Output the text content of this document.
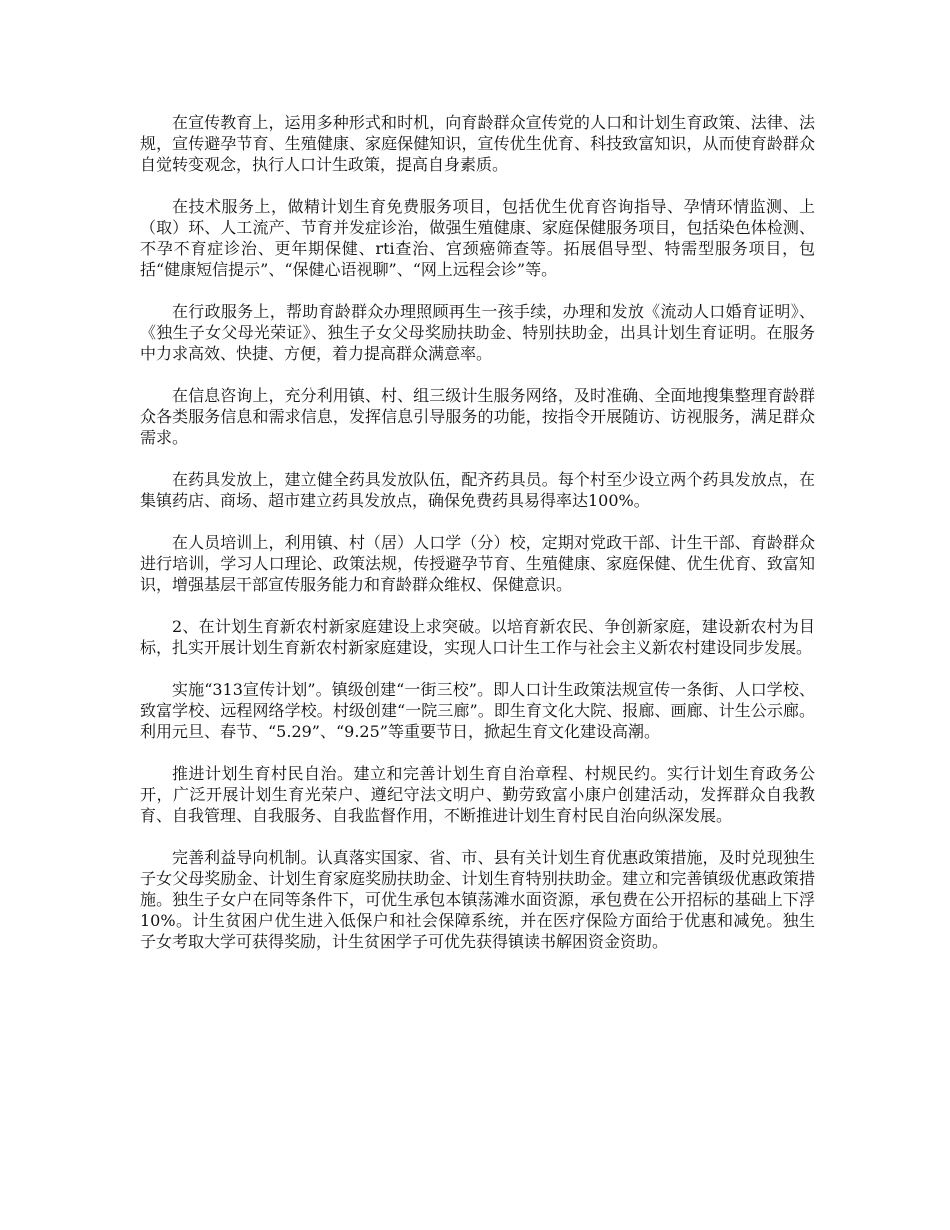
在宣传教育上，运用多种形式和时机，向育龄群众宣传党的人口和计划生育政策、法律、法规，宣传避孕节育、生殖健康、家庭保健知识，宣传优生优育、科技致富知识，从而使育龄群众自觉转变观念，执行人口计生政策，提高自身素质。

在技术服务上，做精计划生育免费服务项目，包括优生优育咨询指导、孕情环情监测、上（取）环、人工流产、节育并发症诊治，做强生殖健康、家庭保健服务项目，包括染色体检测、不孕不育症诊治、更年期保健、rti查治、宫颈癌筛查等。拓展倡导型、特需型服务项目，包括“健康短信提示”、“保健心语视聊”、“网上远程会诊”等。

在行政服务上，帮助育龄群众办理照顾再生一孩手续，办理和发放《流动人口婚育证明》、《独生子女父母光荣证》、独生子女父母奖励扶助金、特别扶助金，出具计划生育证明。在服务中力求高效、快捷、方便，着力提高群众满意率。

在信息咨询上，充分利用镇、村、组三级计生服务网络，及时准确、全面地搜集整理育龄群众各类服务信息和需求信息，发挥信息引导服务的功能，按指令开展随访、访视服务，满足群众需求。

在药具发放上，建立健全药具发放队伍，配齐药具员。每个村至少设立两个药具发放点，在集镇药店、商场、超市建立药具发放点，确保免费药具易得率达100%。

在人员培训上，利用镇、村（居）人口学（分）校，定期对党政干部、计生干部、育龄群众进行培训，学习人口理论、政策法规，传授避孕节育、生殖健康、家庭保健、优生优育、致富知识，增强基层干部宣传服务能力和育龄群众维权、保健意识。

2、在计划生育新农村新家庭建设上求突破。以培育新农民、争创新家庭，建设新农村为目标，扎实开展计划生育新农村新家庭建设，实现人口计生工作与社会主义新农村建设同步发展。

实施“313宣传计划”。镇级创建“一街三校”。即人口计生政策法规宣传一条街、人口学校、致富学校、远程网络学校。村级创建“一院三廊”。即生育文化大院、报廊、画廊、计生公示廊。利用元旦、春节、“5.29”、“9.25”等重要节日，掀起生育文化建设高潮。

推进计划生育村民自治。建立和完善计划生育自治章程、村规民约。实行计划生育政务公开，广泛开展计划生育光荣户、遵纪守法文明户、勤劳致富小康户创建活动，发挥群众自我教育、自我管理、自我服务、自我监督作用，不断推进计划生育村民自治向纵深发展。

完善利益导向机制。认真落实国家、省、市、县有关计划生育优惠政策措施，及时兑现独生子女父母奖励金、计划生育家庭奖励扶助金、计划生育特别扶助金。建立和完善镇级优惠政策措施。独生子女户在同等条件下，可优生承包本镇荡滩水面资源，承包费在公开招标的基础上下浮10%。计生贫困户优生进入低保户和社会保障系统，并在医疗保险方面给于优惠和减免。独生子女考取大学可获得奖励，计生贫困学子可优先获得镇读书解困资金资助。
